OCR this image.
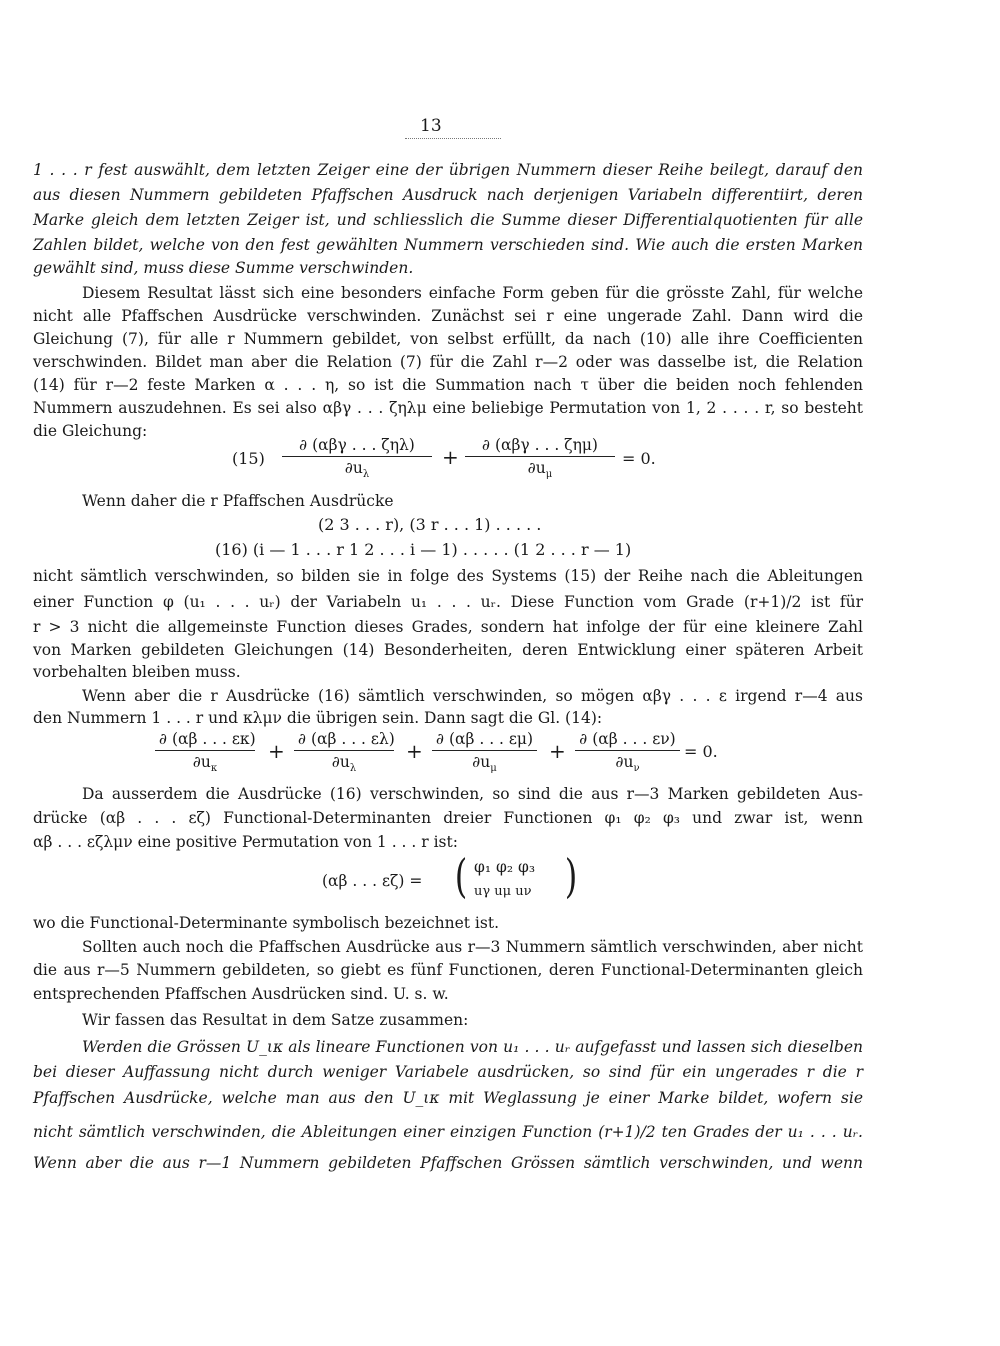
13
1 . . . r fest auswählt, dem letzten Zeiger eine der übrigen Nummern dieser Reihe beilegt, darauf den
aus diesen Nummern gebildeten Pfaffschen Ausdruck nach derjenigen Variabeln differentiirt, deren
Marke gleich dem letzten Zeiger ist, und schliesslich die Summe dieser Differentialquotienten für alle
Zahlen bildet, welche von den fest gewählten Nummern verschieden sind. Wie auch die ersten Marken
gewählt sind, muss diese Summe verschwinden.
Diesem Resultat lässt sich eine besonders einfache Form geben für die grösste Zahl, für welche
nicht alle Pfaffschen Ausdrücke verschwinden. Zunächst sei r eine ungerade Zahl. Dann wird die
Gleichung (7), für alle r Nummern gebildet, von selbst erfüllt, da nach (10) alle ihre Coefficienten
verschwinden. Bildet man aber die Relation (7) für die Zahl r—2 oder was dasselbe ist, die Relation
(14) für r—2 feste Marken α . . . η, so ist die Summation nach τ über die beiden noch fehlenden
Nummern auszudehnen. Es sei also αβγ . . . ζηλμ eine beliebige Permutation von 1, 2 . . . . r, so besteht
die Gleichung:
(15)
∂ (αβγ . . . ζηλ)
$\partial u_\lambda$
+	∂ (αβγ . . . ζημ)
$\partial u_\mu$
= 0.
Wenn daher die r Pfaffschen Ausdrücke
(2 3 . . . r), (3 r . . . 1) . . . . .
(16) (i — 1 . . . r 1 2 . . . i — 1) . . . . . (1 2 . . . r — 1)
nicht sämtlich verschwinden, so bilden sie in folge des Systems (15) der Reihe nach die Ableitungen
einer Function φ (u₁ . . . uᵣ) der Variabeln u₁ . . . uᵣ. Diese Function vom Grade (r+1)/2 ist für
r > 3 nicht die allgemeinste Function dieses Grades, sondern hat infolge der für eine kleinere Zahl
von Marken gebildeten Gleichungen (14) Besonderheiten, deren Entwicklung einer späteren Arbeit
vorbehalten bleiben muss.
Wenn aber die r Ausdrücke (16) sämtlich verschwinden, so mögen αβγ . . . ε irgend r—4 aus
den Nummern 1 . . . r und κλμν die übrigen sein. Dann sagt die Gl. (14):
$\frac{\partial (\alpha\beta . . . \varepsilon\kappa)}{\partial u_\kappa} + \frac{\partial (\alpha\beta . . . \varepsilon\lambda)}{\partial u_\lambda} + \frac{\partial (\alpha\beta . . . \varepsilon\mu)}{\partial u_\mu} + \frac{\partial (\alpha\beta . . . \varepsilon\nu)}{\partial u_\nu} = 0$.
Da ausserdem die Ausdrücke (16) verschwinden, so sind die aus r—3 Marken gebildeten Aus-
drücke (αβ . . . εζ) Functional-Determinanten dreier Functionen φ₁ φ₂ φ₃ und zwar ist, wenn
αβ . . . εζλμν eine positive Permutation von 1 . . . r ist:
(αβ . . . εζ) = ( φ₁ φ₂ φ₃
uγ uμ uν )
wo die Functional-Determinante symbolisch bezeichnet ist.
Sollten auch noch die Pfaffschen Ausdrücke aus r—3 Nummern sämtlich verschwinden, aber nicht
die aus r—5 Nummern gebildeten, so giebt es fünf Functionen, deren Functional-Determinanten gleich
entsprechenden Pfaffschen Ausdrücken sind. U. s. w.
Wir fassen das Resultat in dem Satze zusammen:
Werden die Grössen U_ικ als lineare Functionen von u₁ . . . uᵣ aufgefasst und lassen sich dieselben
bei dieser Auffassung nicht durch weniger Variabele ausdrücken, so sind für ein ungerades r die r
Pfaffschen Ausdrücke, welche man aus den U_ικ mit Weglassung je einer Marke bildet, wofern sie
nicht sämtlich verschwinden, die Ableitungen einer einzigen Function (r+1)/2 ten Grades der u₁ . . . uᵣ.
Wenn aber die aus r—1 Nummern gebildeten Pfaffschen Grössen sämtlich verschwinden, und wenn
